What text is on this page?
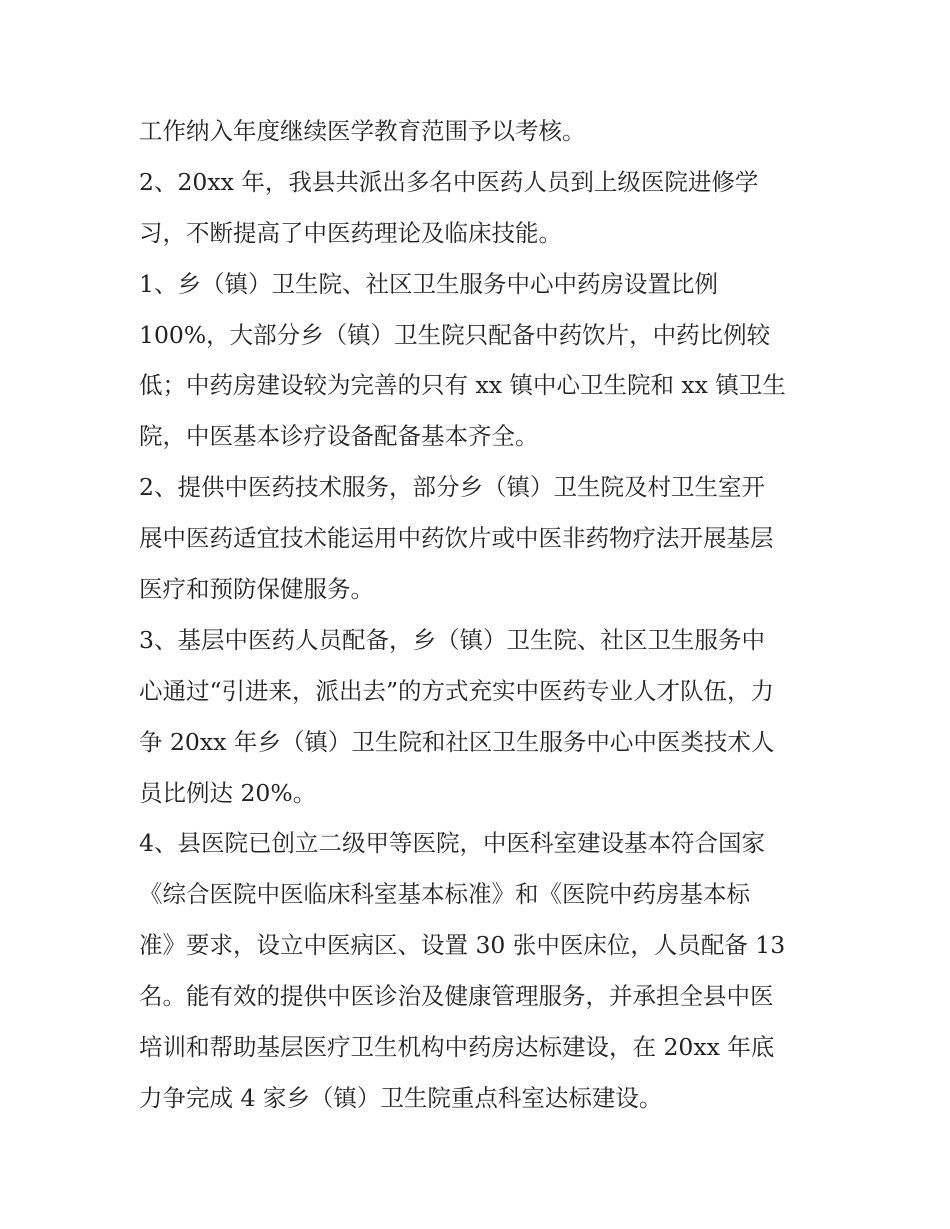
工作纳入年度继续医学教育范围予以考核。
2、20xx 年，我县共派出多名中医药人员到上级医院进修学
习，不断提高了中医药理论及临床技能。
1、乡（镇）卫生院、社区卫生服务中心中药房设置比例
100%，大部分乡（镇）卫生院只配备中药饮片，中药比例较
低；中药房建设较为完善的只有 xx 镇中心卫生院和 xx 镇卫生
院，中医基本诊疗设备配备基本齐全。
2、提供中医药技术服务，部分乡（镇）卫生院及村卫生室开
展中医药适宜技术能运用中药饮片或中医非药物疗法开展基层
医疗和预防保健服务。
3、基层中医药人员配备，乡（镇）卫生院、社区卫生服务中
心通过“引进来，派出去”的方式充实中医药专业人才队伍，力
争 20xx 年乡（镇）卫生院和社区卫生服务中心中医类技术人
员比例达 20%。
4、县医院已创立二级甲等医院，中医科室建设基本符合国家
《综合医院中医临床科室基本标准》和《医院中药房基本标
准》要求，设立中医病区、设置 30 张中医床位，人员配备 13
名。能有效的提供中医诊治及健康管理服务，并承担全县中医
培训和帮助基层医疗卫生机构中药房达标建设，在 20xx 年底
力争完成 4 家乡（镇）卫生院重点科室达标建设。
